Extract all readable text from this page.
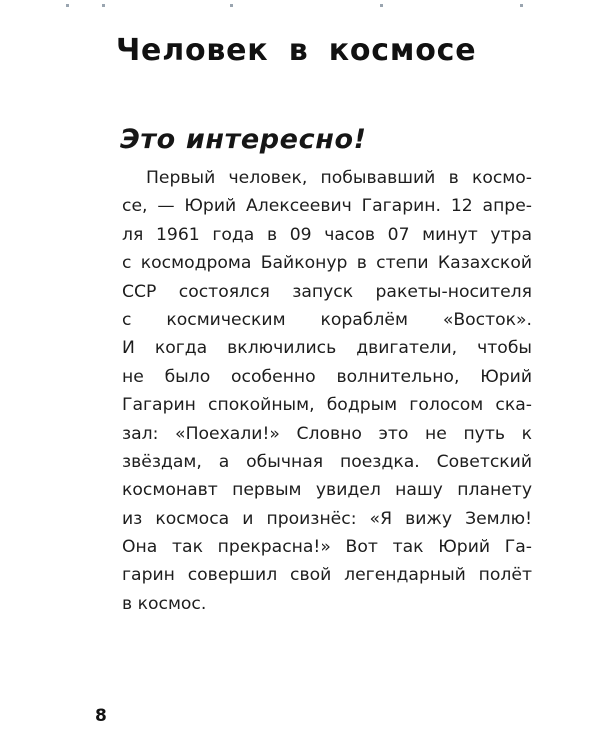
Человек в космосе
Это интересно!
Первый человек, побывавший в космо-
се, — Юрий Алексеевич Гагарин. 12 апре-
ля 1961 года в 09 часов 07 минут утра
с космодрома Байконур в степи Казахской
ССР состоялся запуск ракеты-носителя
с космическим кораблём «Восток».
И когда включились двигатели, чтобы
не было особенно волнительно, Юрий
Гагарин спокойным, бодрым голосом ска-
зал: «Поехали!» Словно это не путь к
звёздам, а обычная поездка. Советский
космонавт первым увидел нашу планету
из космоса и произнёс: «Я вижу Землю!
Она так прекрасна!» Вот так Юрий Га-
гарин совершил свой легендарный полёт
в космос.
8
